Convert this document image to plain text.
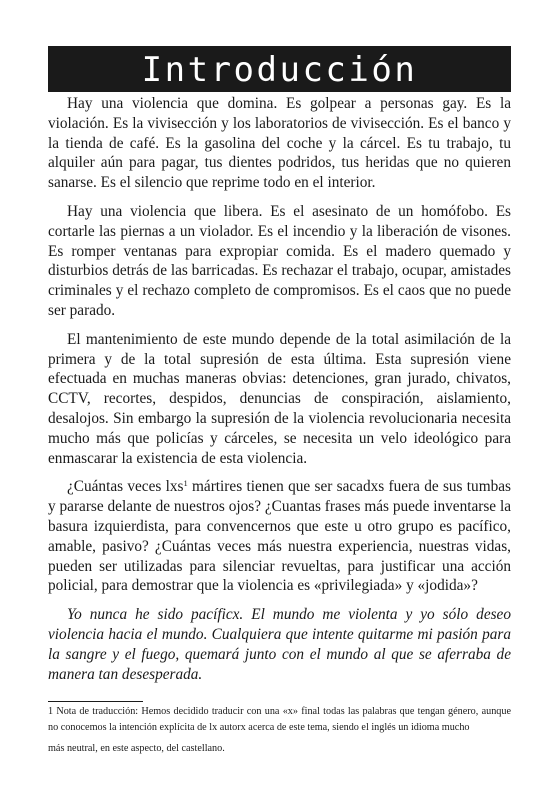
Introducción

Hay una violencia que domina. Es golpear a personas gay. Es la violación. Es la vivisección y los laboratorios de vivisección. Es el banco y la tienda de café. Es la gasolina del coche y la cárcel. Es tu trabajo, tu alquiler aún para pagar, tus dientes podridos, tus heridas que no quieren sanarse. Es el silencio que reprime todo en el interior.

Hay una violencia que libera. Es el asesinato de un homófobo. Es cortarle las piernas a un violador. Es el incendio y la liberación de visones. Es romper ventanas para expropiar comida. Es el madero quemado y disturbios detrás de las barricadas. Es rechazar el trabajo, ocupar, amistades criminales y el rechazo completo de compromisos. Es el caos que no puede ser parado.

El mantenimiento de este mundo depende de la total asimilación de la primera y de la total supresión de esta última. Esta supresión viene efectuada en muchas maneras obvias: detenciones, gran jurado, chivatos, CCTV, recortes, despidos, denuncias de conspiración, aislamiento, desalojos. Sin embargo la supresión de la violencia revolucionaria necesita mucho más que policías y cárceles, se necesita un velo ideológico para enmascarar la existencia de esta violencia.

¿Cuántas veces lxs$^1$ mártires tienen que ser sacadxs fuera de sus tumbas y pararse delante de nuestros ojos? ¿Cuantas frases más puede inventarse la basura izquierdista, para convencernos que este u otro grupo es pacífico, amable, pasivo? ¿Cuántas veces más nuestra experiencia, nuestras vidas, pueden ser utilizadas para silenciar revueltas, para justificar una acción policial, para demostrar que la violencia es «privilegiada» y «jodida»?

Yo nunca he sido pacíficx. El mundo me violenta y yo sólo deseo violencia hacia el mundo. Cualquiera que intente quitarme mi pasión para la sangre y el fuego, quemará junto con el mundo al que se aferraba de manera tan desesperada.

1 Nota de traducción: Hemos decidido traducir con una «x» final todas las palabras que tengan género, aunque no conocemos la intención explícita de lx autorx acerca de este tema, siendo el inglés un idioma mucho
más neutral, en este aspecto, del castellano.
